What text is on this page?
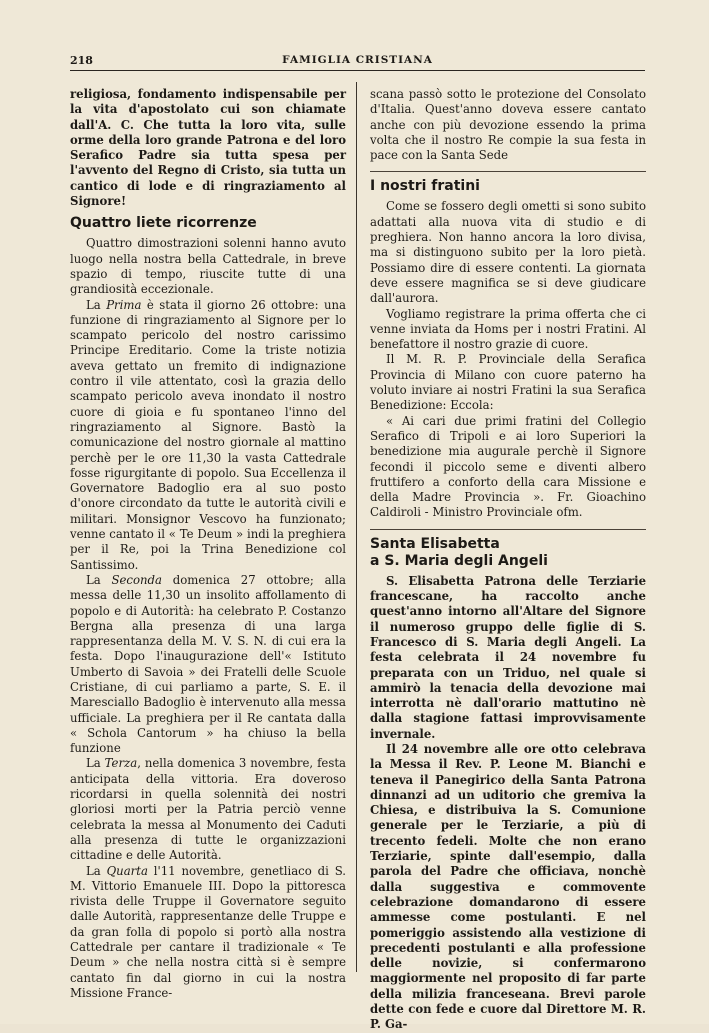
218	FAMIGLIA CRISTIANA

religiosa, fondamento indispensabile per la vita d'apostolato cui son chiamate dall'A. C. Che tutta la loro vita, sulle orme della loro grande Patrona e del loro Serafico Padre sia tutta spesa per l'avvento del Regno di Cristo, sia tutta un cantico di lode e di ringraziamento al Signore!

Quattro liete ricorrenze

Quattro dimostrazioni solenni hanno avuto luogo nella nostra bella Cattedrale, in breve spazio di tempo, riuscite tutte di una grandiosità eccezionale.

La Prima è stata il giorno 26 ottobre: una funzione di ringraziamento al Signore per lo scampato pericolo del nostro carissimo Principe Ereditario. Come la triste notizia aveva gettato un fremito di indignazione contro il vile attentato, così la grazia dello scampato pericolo aveva inondato il nostro cuore di gioia e fu spontaneo l'inno del ringraziamento al Signore. Bastò la comunicazione del nostro giornale al mattino perchè per le ore 11,30 la vasta Cattedrale fosse rigurgitante di popolo. Sua Eccellenza il Governatore Badoglio era al suo posto d'onore circondato da tutte le autorità civili e militari. Monsignor Vescovo ha funzionato; venne cantato il « Te Deum » indi la preghiera per il Re, poi la Trina Benedizione col Santissimo.

La Seconda domenica 27 ottobre; alla messa delle 11,30 un insolito affollamento di popolo e di Autorità: ha celebrato P. Costanzo Bergna alla presenza di una larga rappresentanza della M. V. S. N. di cui era la festa. Dopo l'inaugurazione dell'« Istituto Umberto di Savoia » dei Fratelli delle Scuole Cristiane, di cui parliamo a parte, S. E. il Maresciallo Badoglio è intervenuto alla messa ufficiale. La preghiera per il Re cantata dalla « Schola Cantorum » ha chiuso la bella funzione

La Terza, nella domenica 3 novembre, festa anticipata della vittoria. Era doveroso ricordarsi in quella solennità dei nostri gloriosi morti per la Patria perciò venne celebrata la messa al Monumento dei Caduti alla presenza di tutte le organizzazioni cittadine e delle Autorità.

La Quarta l'11 novembre, genetliaco di S. M. Vittorio Emanuele III. Dopo la pittoresca rivista delle Truppe il Governatore seguito dalle Autorità, rappresentanze delle Truppe e da gran folla di popolo si portò alla nostra Cattedrale per cantare il tradizionale « Te Deum » che nella nostra città si è sempre cantato fin dal giorno in cui la nostra Missione France-

scana passò sotto le protezione del Consolato d'Italia. Quest'anno doveva essere cantato anche con più devozione essendo la prima volta che il nostro Re compie la sua festa in pace con la Santa Sede

I nostri fratini

Come se fossero degli ometti si sono subito adattati alla nuova vita di studio e di preghiera. Non hanno ancora la loro divisa, ma si distinguono subito per la loro pietà. Possiamo dire di essere contenti. La giornata deve essere magnifica se si deve giudicare dall'aurora.

Vogliamo registrare la prima offerta che ci venne inviata da Homs per i nostri Fratini. Al benefattore il nostro grazie di cuore.

Il M. R. P. Provinciale della Serafica Provincia di Milano con cuore paterno ha voluto inviare ai nostri Fratini la sua Serafica Benedizione: Eccola:

« Ai cari due primi fratini del Collegio Serafico di Tripoli e ai loro Superiori la benedizione mia augurale perchè il Signore fecondi il piccolo seme e diventi albero fruttifero a conforto della cara Missione e della Madre Provincia ». Fr. Gioachino Caldiroli - Ministro Provinciale ofm.

Santa Elisabetta
a S. Maria degli Angeli

S. Elisabetta Patrona delle Terziarie francescane, ha raccolto anche quest'anno intorno all'Altare del Signore il numeroso gruppo delle figlie di S. Francesco di S. Maria degli Angeli. La festa celebrata il 24 novembre fu preparata con un Triduo, nel quale si ammirò la tenacia della devozione mai interrotta nè dall'orario mattutino nè dalla stagione fattasi improvvisamente invernale.

Il 24 novembre alle ore otto celebrava la Messa il Rev. P. Leone M. Bianchi e teneva il Panegirico della Santa Patrona dinnanzi ad un uditorio che gremiva la Chiesa, e distribuiva la S. Comunione generale per le Terziarie, a più di trecento fedeli. Molte che non erano Terziarie, spinte dall'esempio, dalla parola del Padre che officiava, nonchè dalla suggestiva e commovente celebrazione domandarono di essere ammesse come postulanti. E nel pomeriggio assistendo alla vestizione di precedenti postulanti e alla professione delle novizie, si confermarono maggiormente nel proposito di far parte della milizia franceseana. Brevi parole dette con fede e cuore dal Direttore M. R. P. Ga-
